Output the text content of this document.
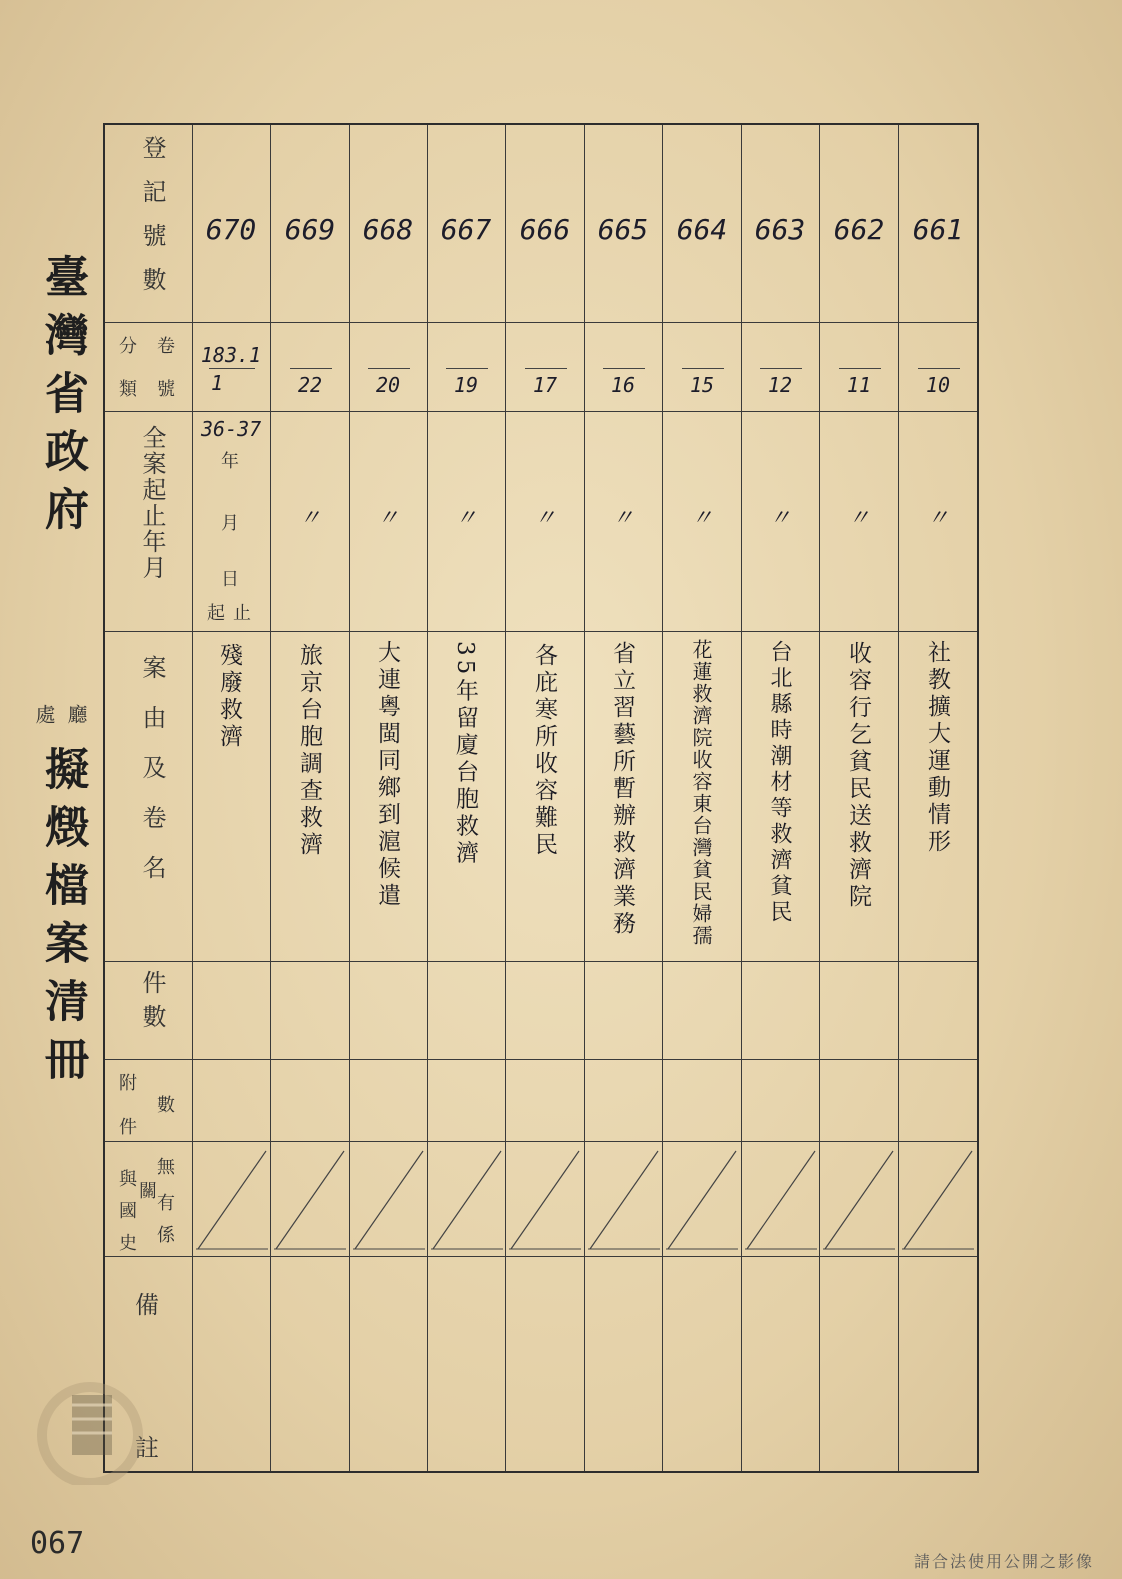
臺灣省政府
廳
處
擬燬檔案清冊
登記號數
分 卷
類 號
全案起止年月
案由及卷名
件數
附
數
件
無
與
有
關
國
係
史
備
註
36-37
年
月
日
起 止
670
183.1
1
殘廢救濟
669
22
〃
旅京台胞調查救濟
668
20
〃
大連粵閩同鄉到滬候遣
667
19
〃
35年留廈台胞救濟
666
17
〃
各庇寒所收容難民
665
16
〃
省立習藝所暫辦救濟業務
664
15
〃
花蓮救濟院收容東台灣貧民婦孺
663
12
〃
台北縣時潮材等救濟貧民
662
11
〃
收容行乞貧民送救濟院
661
10
〃
社教擴大運動情形
067
請合法使用公開之影像
